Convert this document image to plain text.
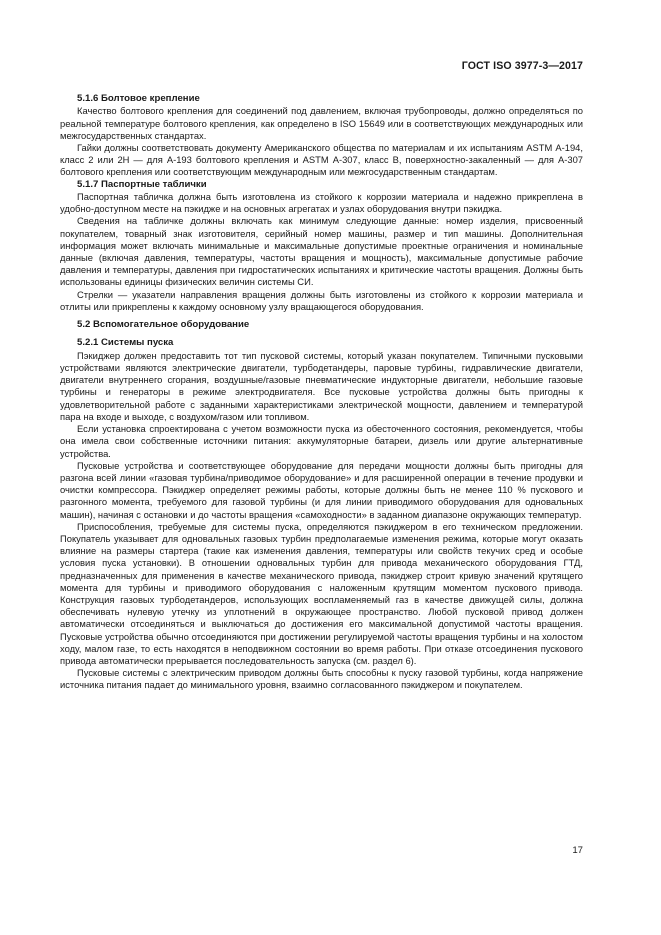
ГОСТ ISO 3977-3—2017
5.1.6 Болтовое крепление

Качество болтового крепления для соединений под давлением, включая трубопроводы, должно определяться по реальной температуре болтового крепления, как определено в ISO 15649 или в соответствующих международных или межгосударственных стандартах.

Гайки должны соответствовать документу Американского общества по материалам и их испытаниям ASTM А-194, класс 2 или 2Н — для А-193 болтового крепления и ASTM А-307, класс В, поверхностно-закаленный — для А-307 болтового крепления или соответствующим международным или межгосударственным стандартам.

5.1.7 Паспортные таблички

Паспортная табличка должна быть изготовлена из стойкого к коррозии материала и надежно прикреплена в удобно-доступном месте на пэкидже и на основных агрегатах и узлах оборудования внутри пэкиджа.

Сведения на табличке должны включать как минимум следующие данные: номер изделия, присвоенный покупателем, товарный знак изготовителя, серийный номер машины, размер и тип машины. Дополнительная информация может включать минимальные и максимальные допустимые проектные ограничения и номинальные данные (включая давления, температуры, частоты вращения и мощность), максимальные допустимые рабочие давления и температуры, давления при гидростатических испытаниях и критические частоты вращения. Должны быть использованы единицы физических величин системы СИ.

Стрелки — указатели направления вращения должны быть изготовлены из стойкого к коррозии материала и отлиты или прикреплены к каждому основному узлу вращающегося оборудования.

5.2 Вспомогательное оборудование
5.2.1 Системы пуска

Пэкиджер должен предоставить тот тип пусковой системы, который указан покупателем. Типичными пусковыми устройствами являются электрические двигатели, турбодетандеры, паровые турбины, гидравлические двигатели, двигатели внутреннего сгорания, воздушные/газовые пневматические индукторные двигатели, небольшие газовые турбины и генераторы в режиме электродвигателя. Все пусковые устройства должны быть пригодны к удовлетворительной работе с заданными характеристиками электрической мощности, давлением и температурой пара на входе и выходе, с воздухом/газом или топливом.

Если установка спроектирована с учетом возможности пуска из обесточенного состояния, рекомендуется, чтобы она имела свои собственные источники питания: аккумуляторные батареи, дизель или другие альтернативные устройства.

Пусковые устройства и соответствующее оборудование для передачи мощности должны быть пригодны для разгона всей линии «газовая турбина/приводимое оборудование» и для расширенной операции в течение продувки и очистки компрессора. Пэкиджер определяет режимы работы, которые должны быть не менее 110 % пускового и разгонного момента, требуемого для газовой турбины (и для линии приводимого оборудования для одновальных машин), начиная с остановки и до частоты вращения «самоходности» в заданном диапазоне окружающих температур.

Приспособления, требуемые для системы пуска, определяются пэкиджером в его техническом предложении. Покупатель указывает для одновальных газовых турбин предполагаемые изменения режима, которые могут оказать влияние на размеры стартера (такие как изменения давления, температуры или свойств текучих сред и особые условия пуска установки). В отношении одновальных турбин для привода механического оборудования ГТД, предназначенных для применения в качестве механического привода, пэкиджер строит кривую значений крутящего момента для турбины и приводимого оборудования с наложенным крутящим моментом пускового привода. Конструкция газовых турбодетандеров, использующих воспламеняемый газ в качестве движущей силы, должна обеспечивать нулевую утечку из уплотнений в окружающее пространство. Любой пусковой привод должен автоматически отсоединяться и выключаться до достижения его максимальной допустимой частоты вращения. Пусковые устройства обычно отсоединяются при достижении регулируемой частоты вращения турбины и на холостом ходу, малом газе, то есть находятся в неподвижном состоянии во время работы. При отказе отсоединения пускового привода автоматически прерывается последовательность запуска (см. раздел 6).

Пусковые системы с электрическим приводом должны быть способны к пуску газовой турбины, когда напряжение источника питания падает до минимального уровня, взаимно согласованного пэкиджером и покупателем.

17
